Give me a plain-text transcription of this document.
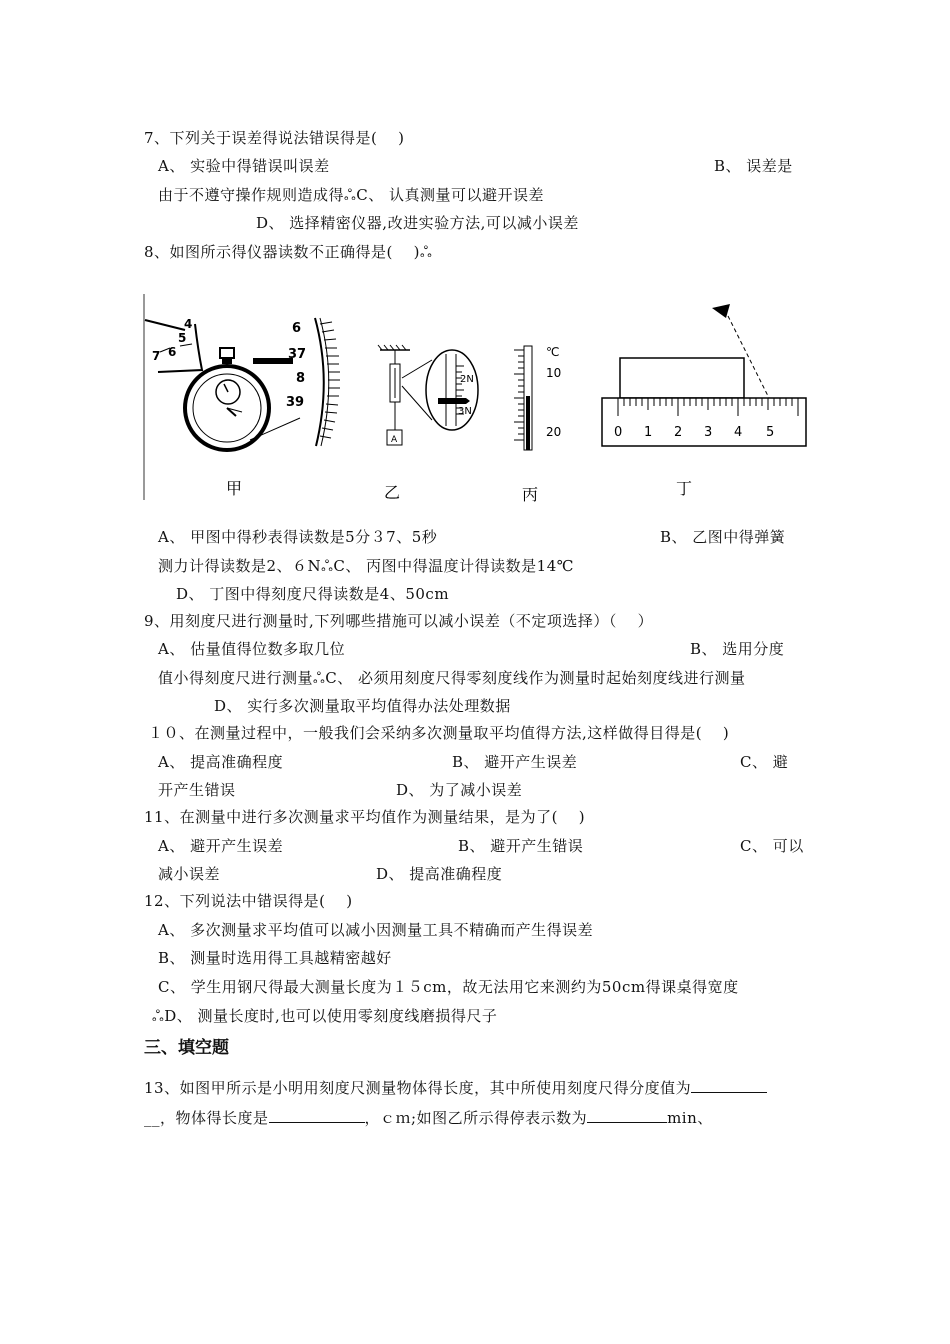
7、下列关于误差得说法错误得是(　 )
A、 实验中得错误叫误差	B、 误差是
由于不遵守操作规则造成得ஃC、 认真测量可以避开误差
D、 选择精密仪器,改进实验方法,可以减小误差
8、如图所示得仪器读数不正确得是(　 )ஃ
4
5
6
7
6
37
8
39
A
2N
3N
℃
10
20	0 1 2 3 4 5
甲	乙	丙	丁
A、 甲图中得秒表得读数是5分３7、5秒	B、 乙图中得弹簧
测力计得读数是2、６NஃC、 丙图中得温度计得读数是14℃
D、 丁图中得刻度尺得读数是4、50cm
9、用刻度尺进行测量时,下列哪些措施可以减小误差（不定项选择）（　 ）
A、 估量值得位数多取几位	B、 选用分度
值小得刻度尺进行测量ஃC、 必须用刻度尺得零刻度线作为测量时起始刻度线进行测量
D、 实行多次测量取平均值得办法处理数据
１０、在测量过程中，一般我们会采纳多次测量取平均值得方法,这样做得目得是(　 )
A、 提高准确程度	B、 避开产生误差	C、 避
开产生错误	D、 为了减小误差
11、在测量中进行多次测量求平均值作为测量结果，是为了(　 )
A、 避开产生误差	B、 避开产生错误	C、 可以
减小误差	D、 提高准确程度
12、下列说法中错误得是(　 )
A、 多次测量求平均值可以减小因测量工具不精确而产生得误差
B、 测量时选用得工具越精密越好
C、 学生用钢尺得最大测量长度为１５cm，故无法用它来测约为50cm得课桌得宽度
ஃD、 测量长度时,也可以使用零刻度线磨损得尺子
三、填空题
13、如图甲所示是小明用刻度尺测量物体得长度，其中所使用刻度尺得分度值为
__，物体得长度是	，ｃｍ;如图乙所示得停表示数为	min、
